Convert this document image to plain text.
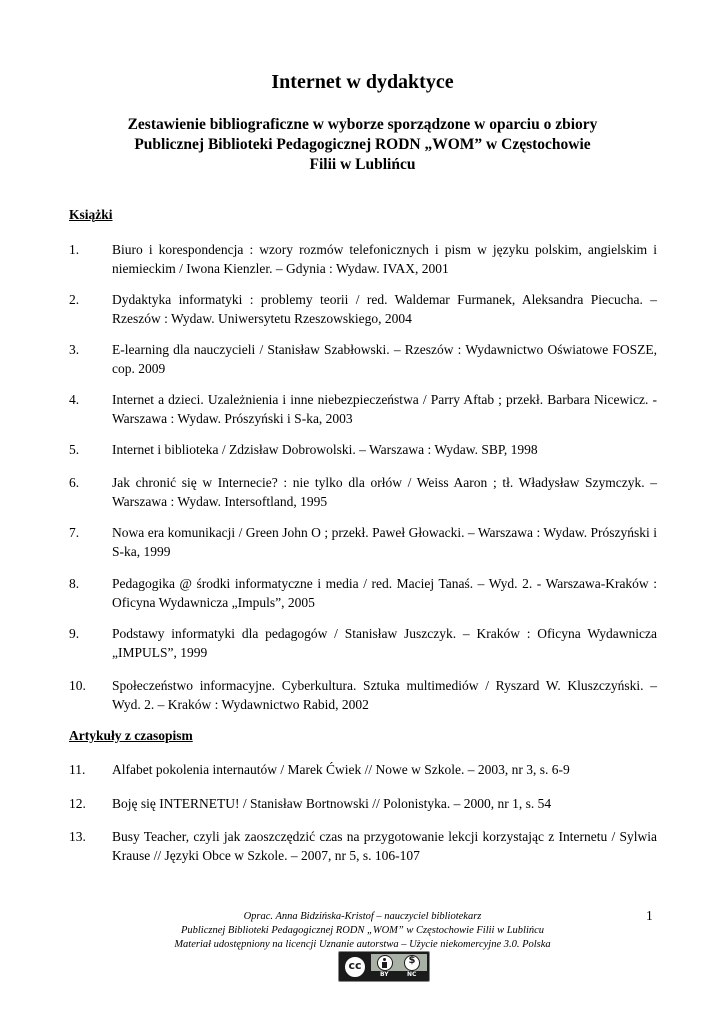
Internet w dydaktyce
Zestawienie bibliograficzne w wyborze sporządzone w oparciu o zbiory
Publicznej Biblioteki Pedagogicznej RODN „WOM” w Częstochowie
Filii w Lublińcu
Książki
1. Biuro i korespondencja : wzory rozmów telefonicznych i pism w języku polskim, angielskim i niemieckim / Iwona Kienzler. – Gdynia : Wydaw. IVAX, 2001
2. Dydaktyka informatyki : problemy teorii / red. Waldemar Furmanek, Aleksandra Piecucha. – Rzeszów : Wydaw. Uniwersytetu Rzeszowskiego, 2004
3. E-learning dla nauczycieli / Stanisław Szabłowski. – Rzeszów : Wydawnictwo Oświatowe FOSZE, cop. 2009
4. Internet a dzieci. Uzależnienia i inne niebezpieczeństwa / Parry Aftab ; przekł. Barbara Nicewicz. - Warszawa : Wydaw. Prószyński i S-ka, 2003
5. Internet i biblioteka / Zdzisław Dobrowolski. – Warszawa : Wydaw. SBP, 1998
6. Jak chronić się w Internecie? : nie tylko dla orłów / Weiss Aaron ; tł. Władysław Szymczyk. – Warszawa : Wydaw. Intersoftland, 1995
7. Nowa era komunikacji / Green John O ; przekł. Paweł Głowacki. – Warszawa : Wydaw. Prószyński i S-ka, 1999
8. Pedagogika @ środki informatyczne i media / red. Maciej Tanaś. – Wyd. 2. - Warszawa-Kraków : Oficyna Wydawnicza „Impuls”, 2005
9. Podstawy informatyki dla pedagogów / Stanisław Juszczyk. – Kraków : Oficyna Wydawnicza „IMPULS”, 1999
10. Społeczeństwo informacyjne. Cyberkultura. Sztuka multimediów / Ryszard W. Kluszczyński. – Wyd. 2. – Kraków : Wydawnictwo Rabid, 2002
Artykuły z czasopism
11. Alfabet pokolenia internautów / Marek Ćwiek // Nowe w Szkole. – 2003, nr 3, s. 6-9
12. Boję się INTERNETU! / Stanisław Bortnowski // Polonistyka. – 2000, nr 1, s. 54
13. Busy Teacher, czyli jak zaoszczędzić czas na przygotowanie lekcji korzystając z Internetu / Sylwia Krause // Języki Obce w Szkole. – 2007, nr 5, s. 106-107
Oprac. Anna Bidzińska-Kristof – nauczyciel bibliotekarz
Publicznej Biblioteki Pedagogicznej RODN „WOM” w Częstochowie Filii w Lublińcu
Materiał udostępniony na licencji Uznanie autorstwa – Użycie niekomercyjne 3.0. Polska
1
cc
$
BY	NC
